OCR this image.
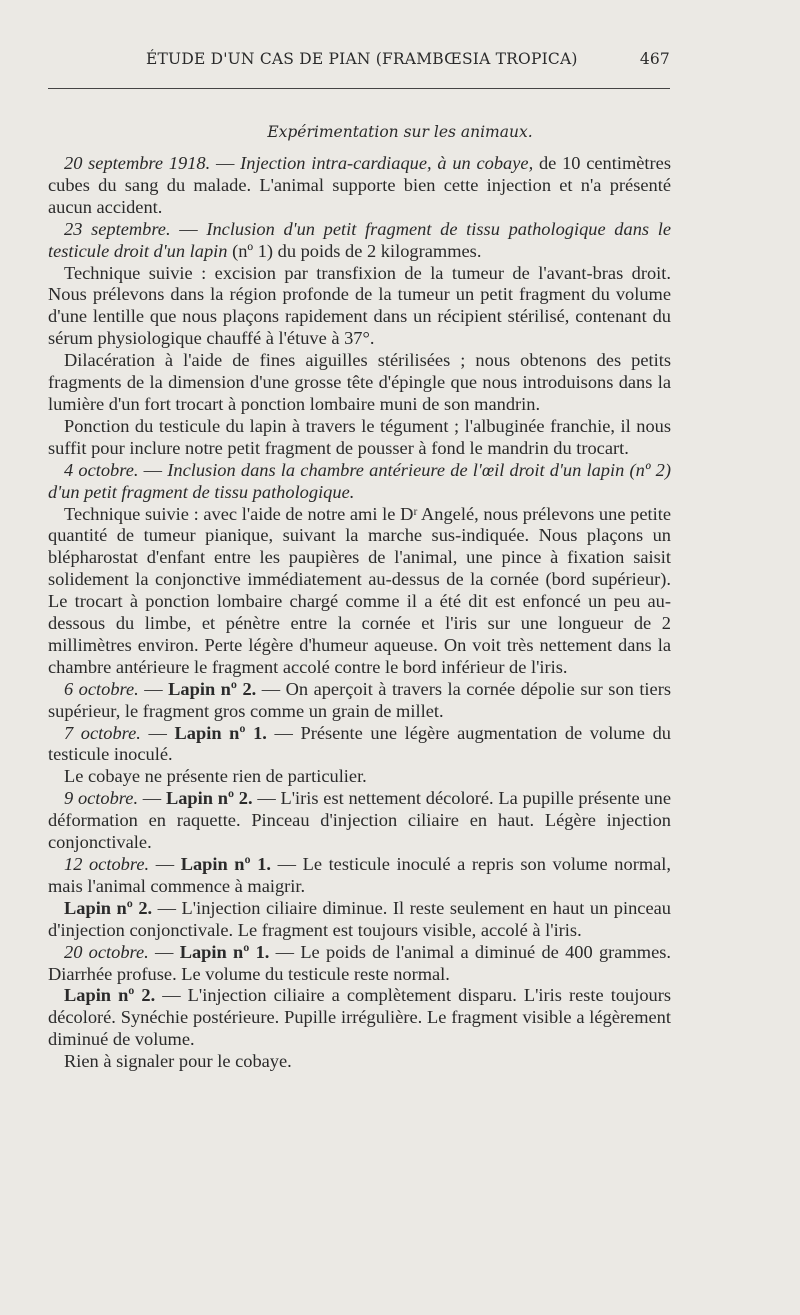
ÉTUDE D'UN CAS DE PIAN (FRAMBŒSIA TROPICA)	467
Expérimentation sur les animaux.

20 septembre 1918. — Injection intra-cardiaque, à un cobaye, de 10 centimètres cubes du sang du malade. L'animal supporte bien cette injection et n'a présenté aucun accident.

23 septembre. — Inclusion d'un petit fragment de tissu pathologique dans le testicule droit d'un lapin (nº 1) du poids de 2 kilogrammes.

Technique suivie : excision par transfixion de la tumeur de l'avant-bras droit. Nous prélevons dans la région profonde de la tumeur un petit fragment du volume d'une lentille que nous plaçons rapidement dans un récipient stérilisé, contenant du sérum physiologique chauffé à l'étuve à 37°.

Dilacération à l'aide de fines aiguilles stérilisées ; nous obtenons des petits fragments de la dimension d'une grosse tête d'épingle que nous introduisons dans la lumière d'un fort trocart à ponction lombaire muni de son mandrin.

Ponction du testicule du lapin à travers le tégument ; l'albuginée franchie, il nous suffit pour inclure notre petit fragment de pousser à fond le mandrin du trocart.

4 octobre. — Inclusion dans la chambre antérieure de l'œil droit d'un lapin (nº 2) d'un petit fragment de tissu pathologique.

Technique suivie : avec l'aide de notre ami le Dʳ Angelé, nous prélevons une petite quantité de tumeur pianique, suivant la marche sus-indiquée. Nous plaçons un blépharostat d'enfant entre les paupières de l'animal, une pince à fixation saisit solidement la conjonctive immédiatement au-dessus de la cornée (bord supérieur). Le trocart à ponction lombaire chargé comme il a été dit est enfoncé un peu au-dessous du limbe, et pénètre entre la cornée et l'iris sur une longueur de 2 millimètres environ. Perte légère d'humeur aqueuse. On voit très nettement dans la chambre antérieure le fragment accolé contre le bord inférieur de l'iris.

6 octobre. — Lapin nº 2. — On aperçoit à travers la cornée dépolie sur son tiers supérieur, le fragment gros comme un grain de millet.

7 octobre. — Lapin nº 1. — Présente une légère augmentation de volume du testicule inoculé.

Le cobaye ne présente rien de particulier.

9 octobre. — Lapin nº 2. — L'iris est nettement décoloré. La pupille présente une déformation en raquette. Pinceau d'injection ciliaire en haut. Légère injection conjonctivale.

12 octobre. — Lapin nº 1. — Le testicule inoculé a repris son volume normal, mais l'animal commence à maigrir.

Lapin nº 2. — L'injection ciliaire diminue. Il reste seulement en haut un pinceau d'injection conjonctivale. Le fragment est toujours visible, accolé à l'iris.

20 octobre. — Lapin nº 1. — Le poids de l'animal a diminué de 400 grammes. Diarrhée profuse. Le volume du testicule reste normal.

Lapin nº 2. — L'injection ciliaire a complètement disparu. L'iris reste toujours décoloré. Synéchie postérieure. Pupille irrégulière. Le fragment visible a légèrement diminué de volume.

Rien à signaler pour le cobaye.
